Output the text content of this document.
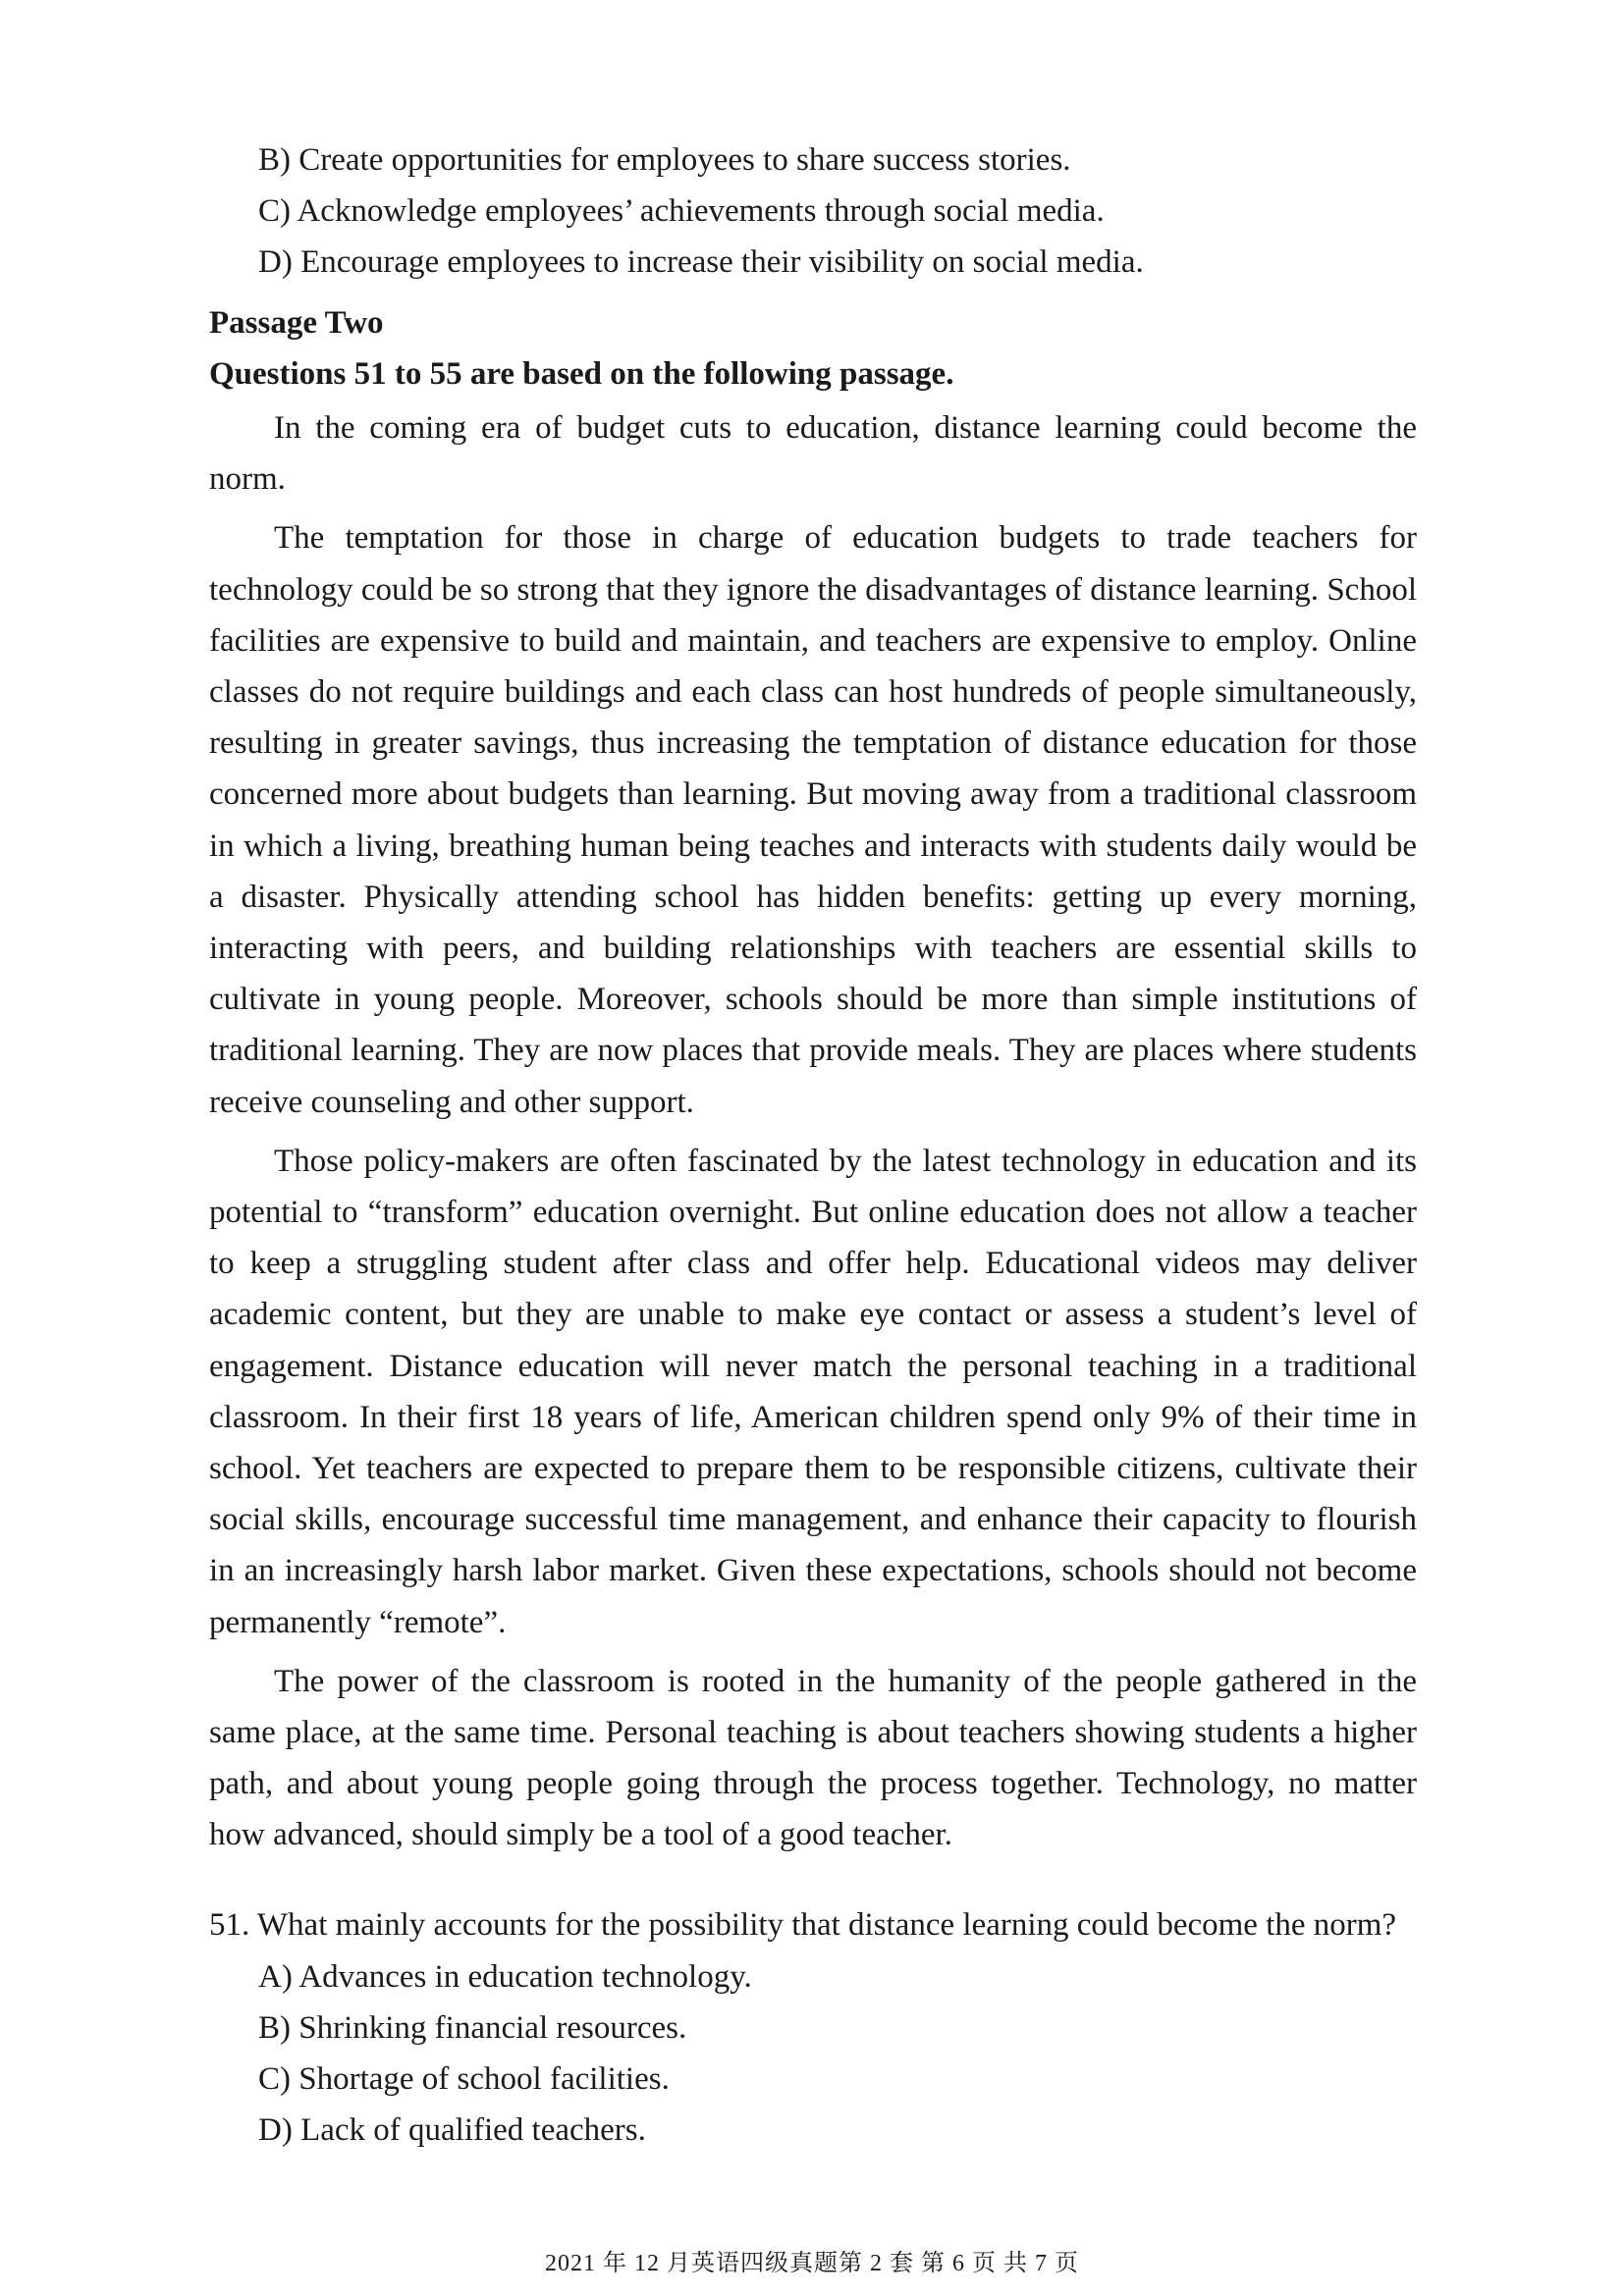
B) Create opportunities for employees to share success stories.
C) Acknowledge employees’ achievements through social media.
D) Encourage employees to increase their visibility on social media.
Passage Two
Questions 51 to 55 are based on the following passage.

In the coming era of budget cuts to education, distance learning could become the norm.

The temptation for those in charge of education budgets to trade teachers for technology could be so strong that they ignore the disadvantages of distance learning. School facilities are expensive to build and maintain, and teachers are expensive to employ. Online classes do not require buildings and each class can host hundreds of people simultaneously, resulting in greater savings, thus increasing the temptation of distance education for those concerned more about budgets than learning. But moving away from a traditional classroom in which a living, breathing human being teaches and interacts with students daily would be a disaster. Physically attending school has hidden benefits: getting up every morning, interacting with peers, and building relationships with teachers are essential skills to cultivate in young people. Moreover, schools should be more than simple institutions of traditional learning. They are now places that provide meals. They are places where students receive counseling and other support.

Those policy-makers are often fascinated by the latest technology in education and its potential to “transform” education overnight. But online education does not allow a teacher to keep a struggling student after class and offer help. Educational videos may deliver academic content, but they are unable to make eye contact or assess a student’s level of engagement. Distance education will never match the personal teaching in a traditional classroom. In their first 18 years of life, American children spend only 9% of their time in school. Yet teachers are expected to prepare them to be responsible citizens, cultivate their social skills, encourage successful time management, and enhance their capacity to flourish in an increasingly harsh labor market. Given these expectations, schools should not become permanently “remote”.

The power of the classroom is rooted in the humanity of the people gathered in the same place, at the same time. Personal teaching is about teachers showing students a higher path, and about young people going through the process together. Technology, no matter how advanced, should simply be a tool of a good teacher.

51. What mainly accounts for the possibility that distance learning could become the norm?
A) Advances in education technology.
B) Shrinking financial resources.
C) Shortage of school facilities.
D) Lack of qualified teachers.
2021 年 12 月英语四级真题第 2 套 第 6 页 共 7 页
